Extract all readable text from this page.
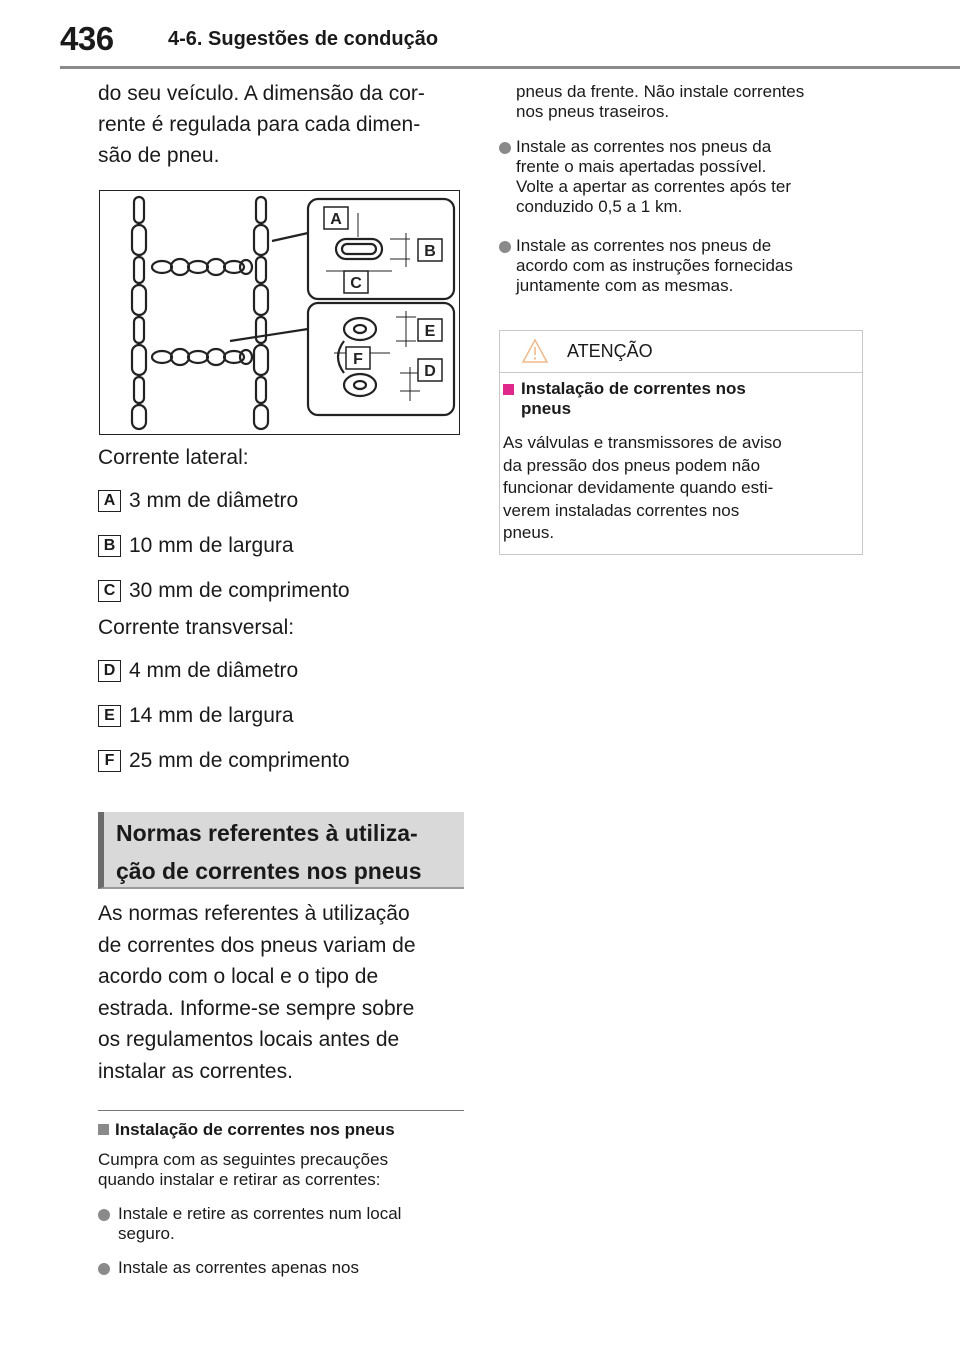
436	4-6. Sugestões de condução
do seu veículo. A dimensão da cor-
rente é regulada para cada dimen-
são de pneu.
A
B
C
E
F
D
Corrente lateral:
A 3 mm de diâmetro
B 10 mm de largura
C 30 mm de comprimento
Corrente transversal:
D 4 mm de diâmetro
E 14 mm de largura
F 25 mm de comprimento
Normas referentes à utiliza-
ção de correntes nos pneus
As normas referentes à utilização
de correntes dos pneus variam de
acordo com o local e o tipo de
estrada. Informe-se sempre sobre
os regulamentos locais antes de
instalar as correntes.
Instalação de correntes nos pneus
Cumpra com as seguintes precauções
quando instalar e retirar as correntes:
Instale e retire as correntes num local
seguro.
Instale as correntes apenas nos
pneus da frente. Não instale correntes
nos pneus traseiros.
Instale as correntes nos pneus da
frente o mais apertadas possível.
Volte a apertar as correntes após ter
conduzido 0,5 a 1 km.
Instale as correntes nos pneus de
acordo com as instruções fornecidas
juntamente com as mesmas.
ATENÇÃO
Instalação de correntes nos
pneus
As válvulas e transmissores de aviso
da pressão dos pneus podem não
funcionar devidamente quando esti-
verem instaladas correntes nos
pneus.
